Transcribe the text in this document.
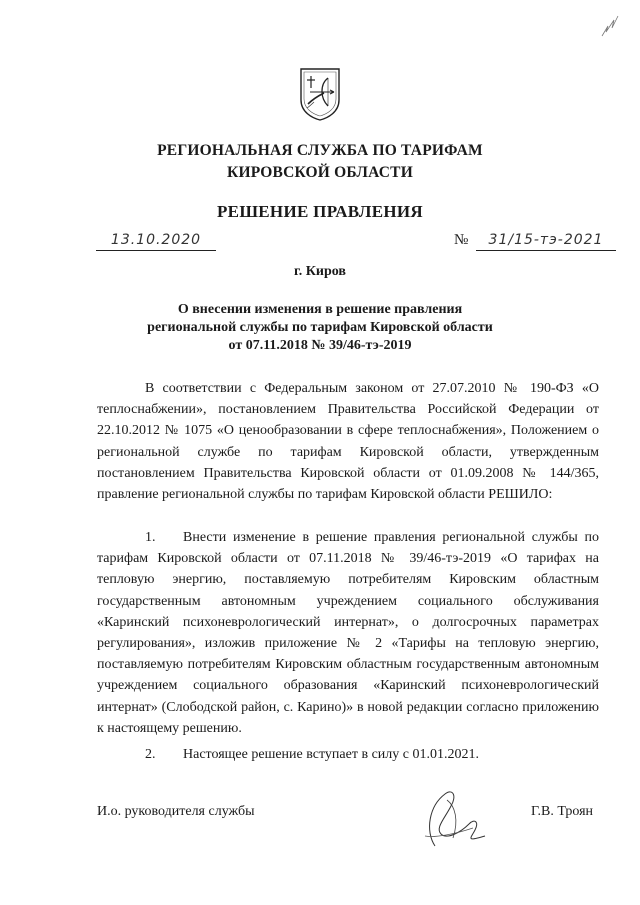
РЕГИОНАЛЬНАЯ СЛУЖБА ПО ТАРИФАМ
КИРОВСКОЙ ОБЛАСТИ
РЕШЕНИЕ ПРАВЛЕНИЯ
13.10.2020	№	31/15-тэ-2021
г. Киров
О внесении изменения в решение правления
региональной службы по тарифам Кировской области
от 07.11.2018 № 39/46-тэ-2019
В соответствии с Федеральным законом от 27.07.2010 № 190-ФЗ «О теплоснабжении», постановлением Правительства Российской Федерации от 22.10.2012 № 1075 «О ценообразовании в сфере теплоснабжения», Положением о региональной службе по тарифам Кировской области, утвержденным постановлением Правительства Кировской области от 01.09.2008 № 144/365, правление региональной службы по тарифам Кировской области РЕШИЛО:
1. Внести изменение в решение правления региональной службы по тарифам Кировской области от 07.11.2018 № 39/46-тэ-2019 «О тарифах на тепловую энергию, поставляемую потребителям Кировским областным государственным автономным учреждением социального обслуживания «Каринский психоневрологический интернат», о долгосрочных параметрах регулирования», изложив приложение № 2 «Тарифы на тепловую энергию, поставляемую потребителям Кировским областным государственным автономным учреждением социального образования «Каринский психоневрологический интернат» (Слободской район, с. Карино)» в новой редакции согласно приложению к настоящему решению.
2. Настоящее решение вступает в силу с 01.01.2021.
И.о. руководителя службы	Г.В. Троян
